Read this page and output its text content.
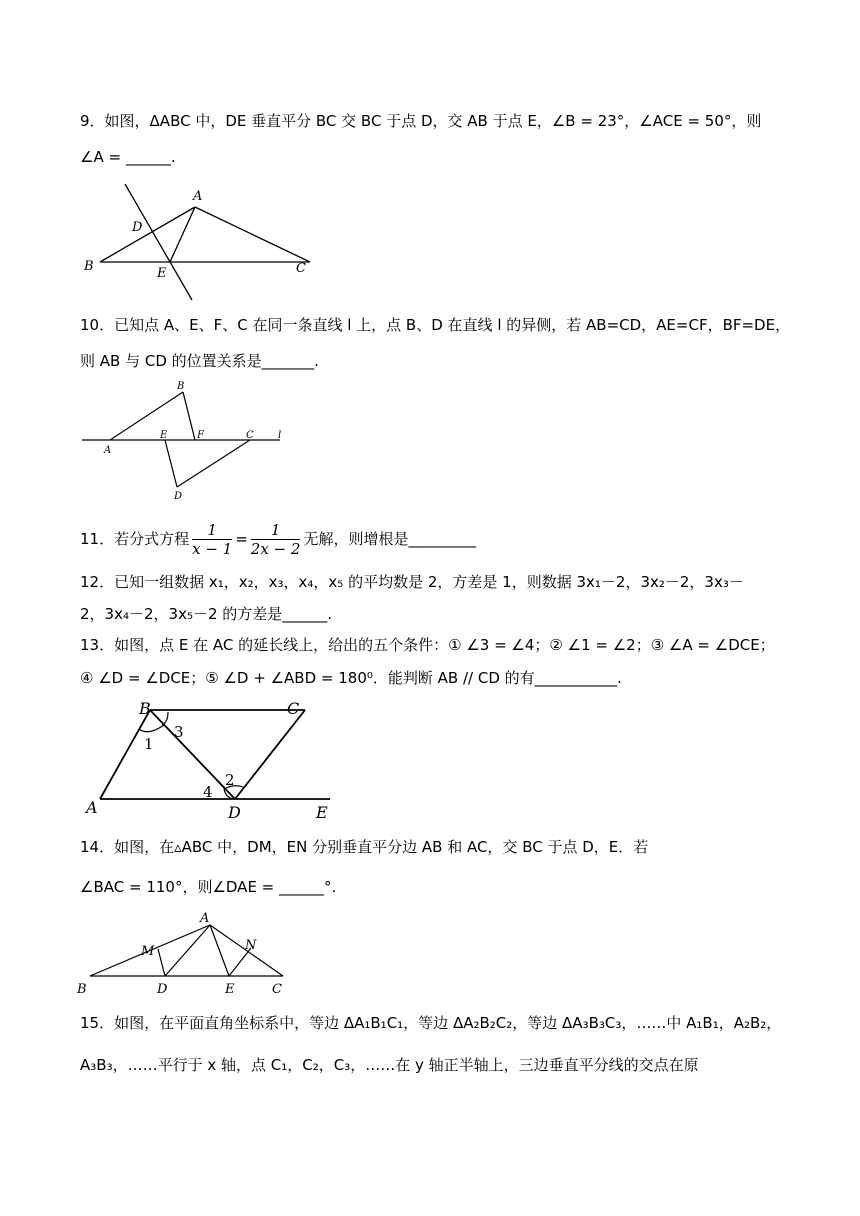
9．如图，ΔABC 中，DE 垂直平分 BC 交 BC 于点 D，交 AB 于点 E，∠B = 23°，∠ACE = 50°，则
∠A = ______.
A
B	C
D
E
10．已知点 A、E、F、C 在同一条直线 l 上，点 B、D 在直线 l 的异侧，若 AB=CD，AE=CF，BF=DE，
则 AB 与 CD 的位置关系是_______.
B
A
E	F	C l
D
11．若分式方程 $\frac{1}{x - 1} = \frac{1}{2x - 2}$ 无解，则增根是_________
12．已知一组数据 x₁，x₂，x₃，x₄，x₅ 的平均数是 2，方差是 1，则数据 3x₁－2，3x₂－2，3x₃－
2，3x₄－2，3x₅－2 的方差是______.
13．如图，点 E 在 AC 的延长线上，给出的五个条件：① ∠3 = ∠4；② ∠1 = ∠2；③ ∠A = ∠DCE；
④ ∠D = ∠DCE；⑤ ∠D + ∠ABD = 180⁰．能判断 AB // CD 的有___________.
B	C
A	D	E
1
3
4
2
14．如图，在▵ABC 中，DM，EN 分别垂直平分边 AB 和 AC，交 BC 于点 D，E．若
∠BAC = 110°，则∠DAE = ______°.
A
M	N
B	D	E	C
15．如图，在平面直角坐标系中，等边 ΔA₁B₁C₁，等边 ΔA₂B₂C₂，等边 ΔA₃B₃C₃，……中 A₁B₁，A₂B₂，
A₃B₃，……平行于 x 轴，点 C₁，C₂，C₃，……在 y 轴正半轴上，三边垂直平分线的交点在原
